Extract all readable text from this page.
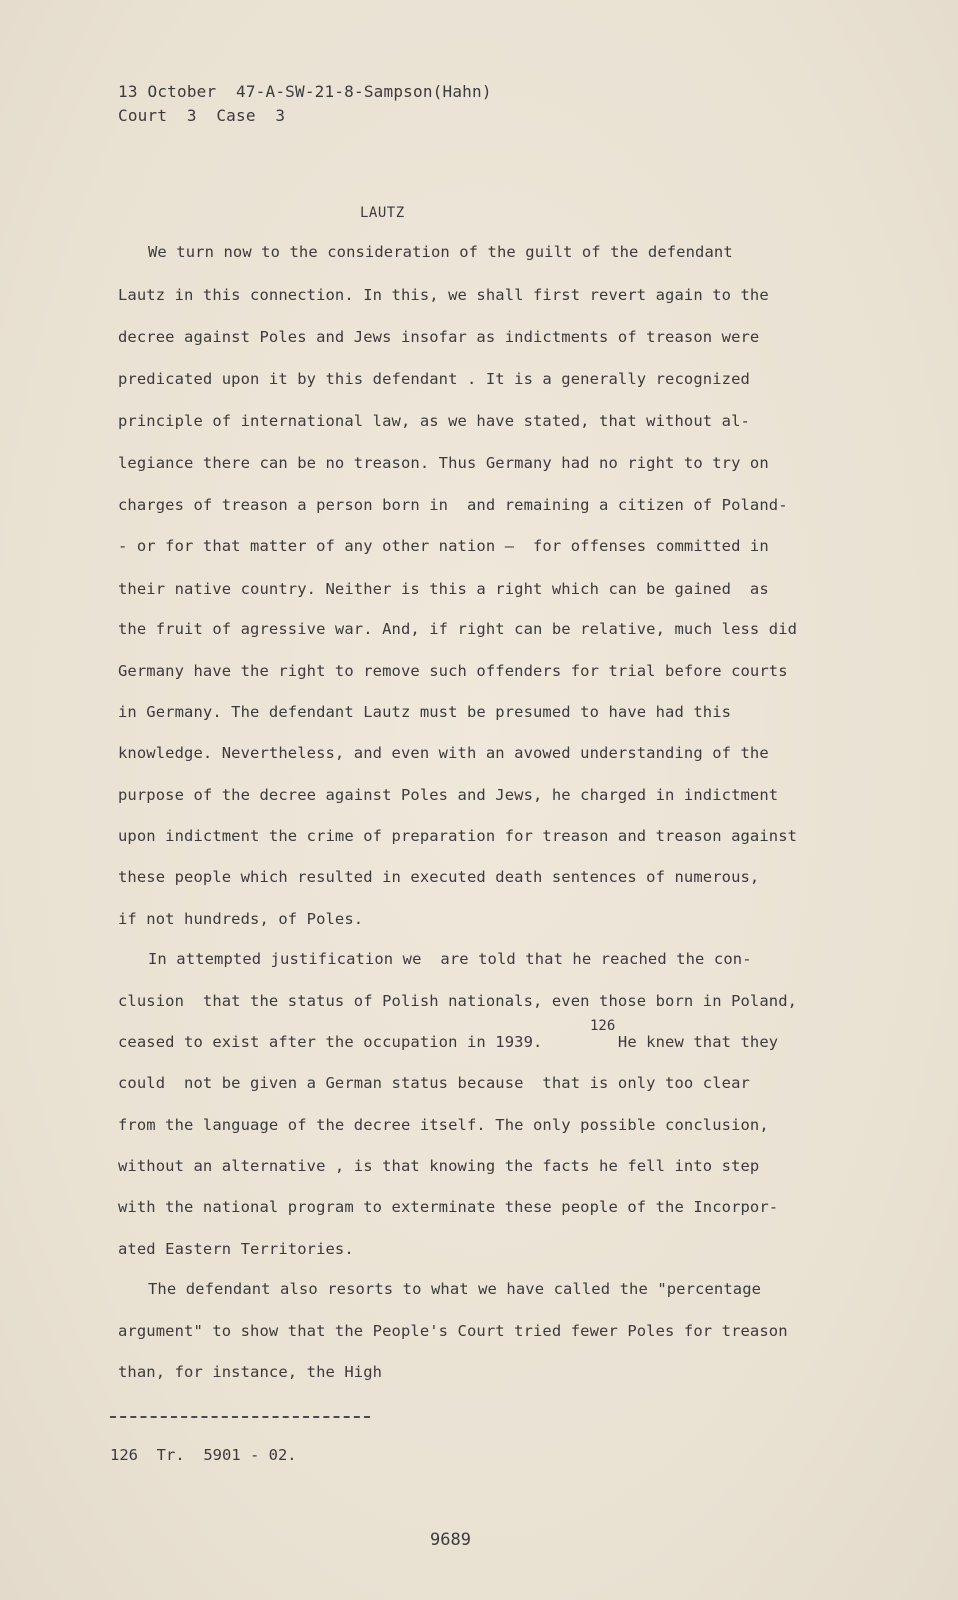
13 October  47-A-SW-21-8-Sampson(Hahn)
Court  3  Case  3
LAUTZ
We turn now to the consideration of the guilt of the defendant
Lautz in this connection. In this, we shall first revert again to the
decree against Poles and Jews insofar as indictments of treason were
predicated upon it by this defendant . It is a generally recognized
principle of international law, as we have stated, that without al-
legiance there can be no treason. Thus Germany had no right to try on
charges of treason a person born in  and remaining a citizen of Poland-
- or for that matter of any other nation —  for offenses committed in
their native country. Neither is this a right which can be gained  as
the fruit of agressive war. And, if right can be relative, much less did
Germany have the right to remove such offenders for trial before courts
in Germany. The defendant Lautz must be presumed to have had this
knowledge. Nevertheless, and even with an avowed understanding of the
purpose of the decree against Poles and Jews, he charged in indictment
upon indictment the crime of preparation for treason and treason against
these people which resulted in executed death sentences of numerous,
if not hundreds, of Poles.
In attempted justification we  are told that he reached the con-
clusion  that the status of Polish nationals, even those born in Poland,
ceased to exist after the occupation in 1939.        He knew that they
could  not be given a German status because  that is only too clear
from the language of the decree itself. The only possible conclusion,
without an alternative , is that knowing the facts he fell into step
with the national program to exterminate these people of the Incorpor-
ated Eastern Territories.
The defendant also resorts to what we have called the "percentage
argument" to show that the People's Court tried fewer Poles for treason
than, for instance, the High
126
126  Tr.  5901 - 02.
9689
